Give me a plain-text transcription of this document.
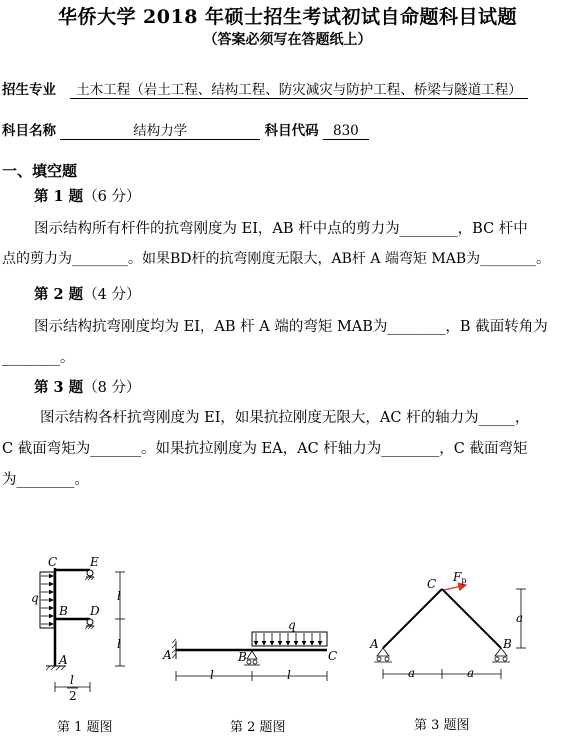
华侨大学 2018 年硕士招生考试初试自命题科目试题
（答案必须写在答题纸上）
招生专业 土木工程（岩土工程、结构工程、防灾减灾与防护工程、桥梁与隧道工程）
科目名称	结构力学	科目代码 830
一、填空题
第 1 题（6 分）
图示结构所有杆件的抗弯刚度为 EI，AB 杆中点的剪力为________，BC 杆中
点的剪力为________。如果BD杆的抗弯刚度无限大，AB杆 A 端弯矩 MAB为________。
第 2 题（4 分）
图示结构抗弯刚度均为 EI，AB 杆 A 端的弯矩 MAB为________，B 截面转角为
________。
第 3 题（8 分）
图示结构各杆抗弯刚度为 EI，如果抗拉刚度无限大，AC 杆的轴力为_____，
C 截面弯矩为_______。如果抗拉刚度为 EA，AC 杆轴力为________，C 截面弯矩
为________。
C	E
B D
A
q	l
l
l
2
A	B	C
q
l	l
C Fp
A	B
a
a	a
第 1 题图	第 2 题图	第 3 题图
